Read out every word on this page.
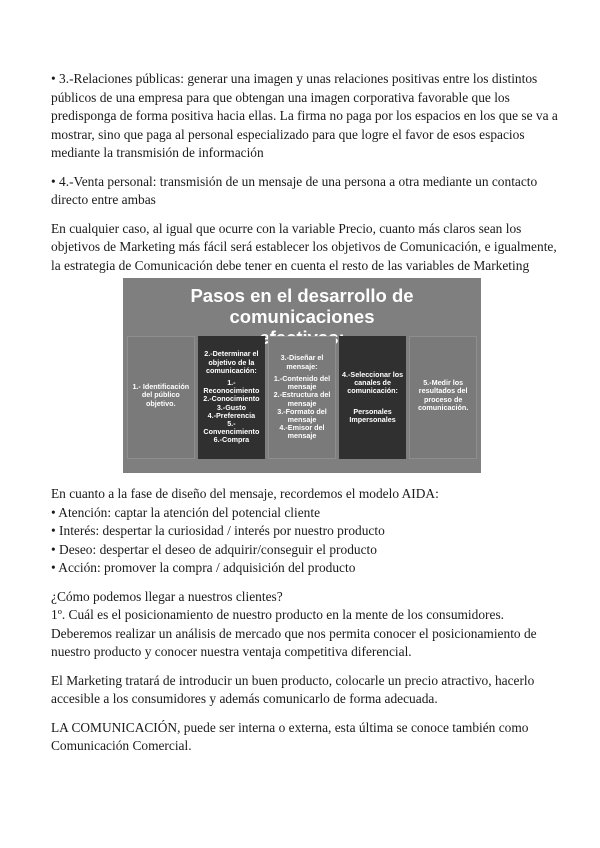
• 3.-Relaciones públicas: generar una imagen y unas relaciones positivas entre los distintos públicos de una empresa para que obtengan una imagen corporativa favorable que los predisponga de forma positiva hacia ellas. La firma no paga por los espacios en los que se va a mostrar, sino que paga al personal especializado para que logre el favor de esos espacios mediante la transmisión de información

• 4.-Venta personal: transmisión de un mensaje de una persona a otra mediante un contacto directo entre ambas

En cualquier caso, al igual que ocurre con la variable Precio, cuanto más claros sean los objetivos de Marketing más fácil será establecer los objetivos de Comunicación, e igualmente, la estrategia de Comunicación debe tener en cuenta el resto de las variables de Marketing

Pasos en el desarrollo de comunicaciones
1.- Identificación del público objetivo.
2.-Determinar el objetivo de la comunicación:
1.- Reconocimiento
2.-Conocimiento
3.-Gusto
4.-Preferencia
5.- Convencimiento
6.-Compra
3.-Diseñar el mensaje:
1.-Contenido del mensaje
2.-Estructura del mensaje
3.-Formato del mensaje
4.-Emisor del mensaje
4.-Seleccionar los canales de comunicación:
Personales
Impersonales
5.-Medir los resultados del proceso de comunicación.

En cuanto a la fase de diseño del mensaje, recordemos el modelo AIDA:

• Atención: captar la atención del potencial cliente

• Interés: despertar la curiosidad / interés por nuestro producto

• Deseo: despertar el deseo de adquirir/conseguir el producto

• Acción: promover la compra / adquisición del producto

¿Cómo podemos llegar a nuestros clientes?

1º. Cuál es el posicionamiento de nuestro producto en la mente de los consumidores.

Deberemos realizar un análisis de mercado que nos permita conocer el posicionamiento de nuestro producto y conocer nuestra ventaja competitiva diferencial.

El Marketing tratará de introducir un buen producto, colocarle un precio atractivo, hacerlo accesible a los consumidores y además comunicarlo de forma adecuada.

LA COMUNICACIÓN, puede ser interna o externa, esta última se conoce también como Comunicación Comercial.
